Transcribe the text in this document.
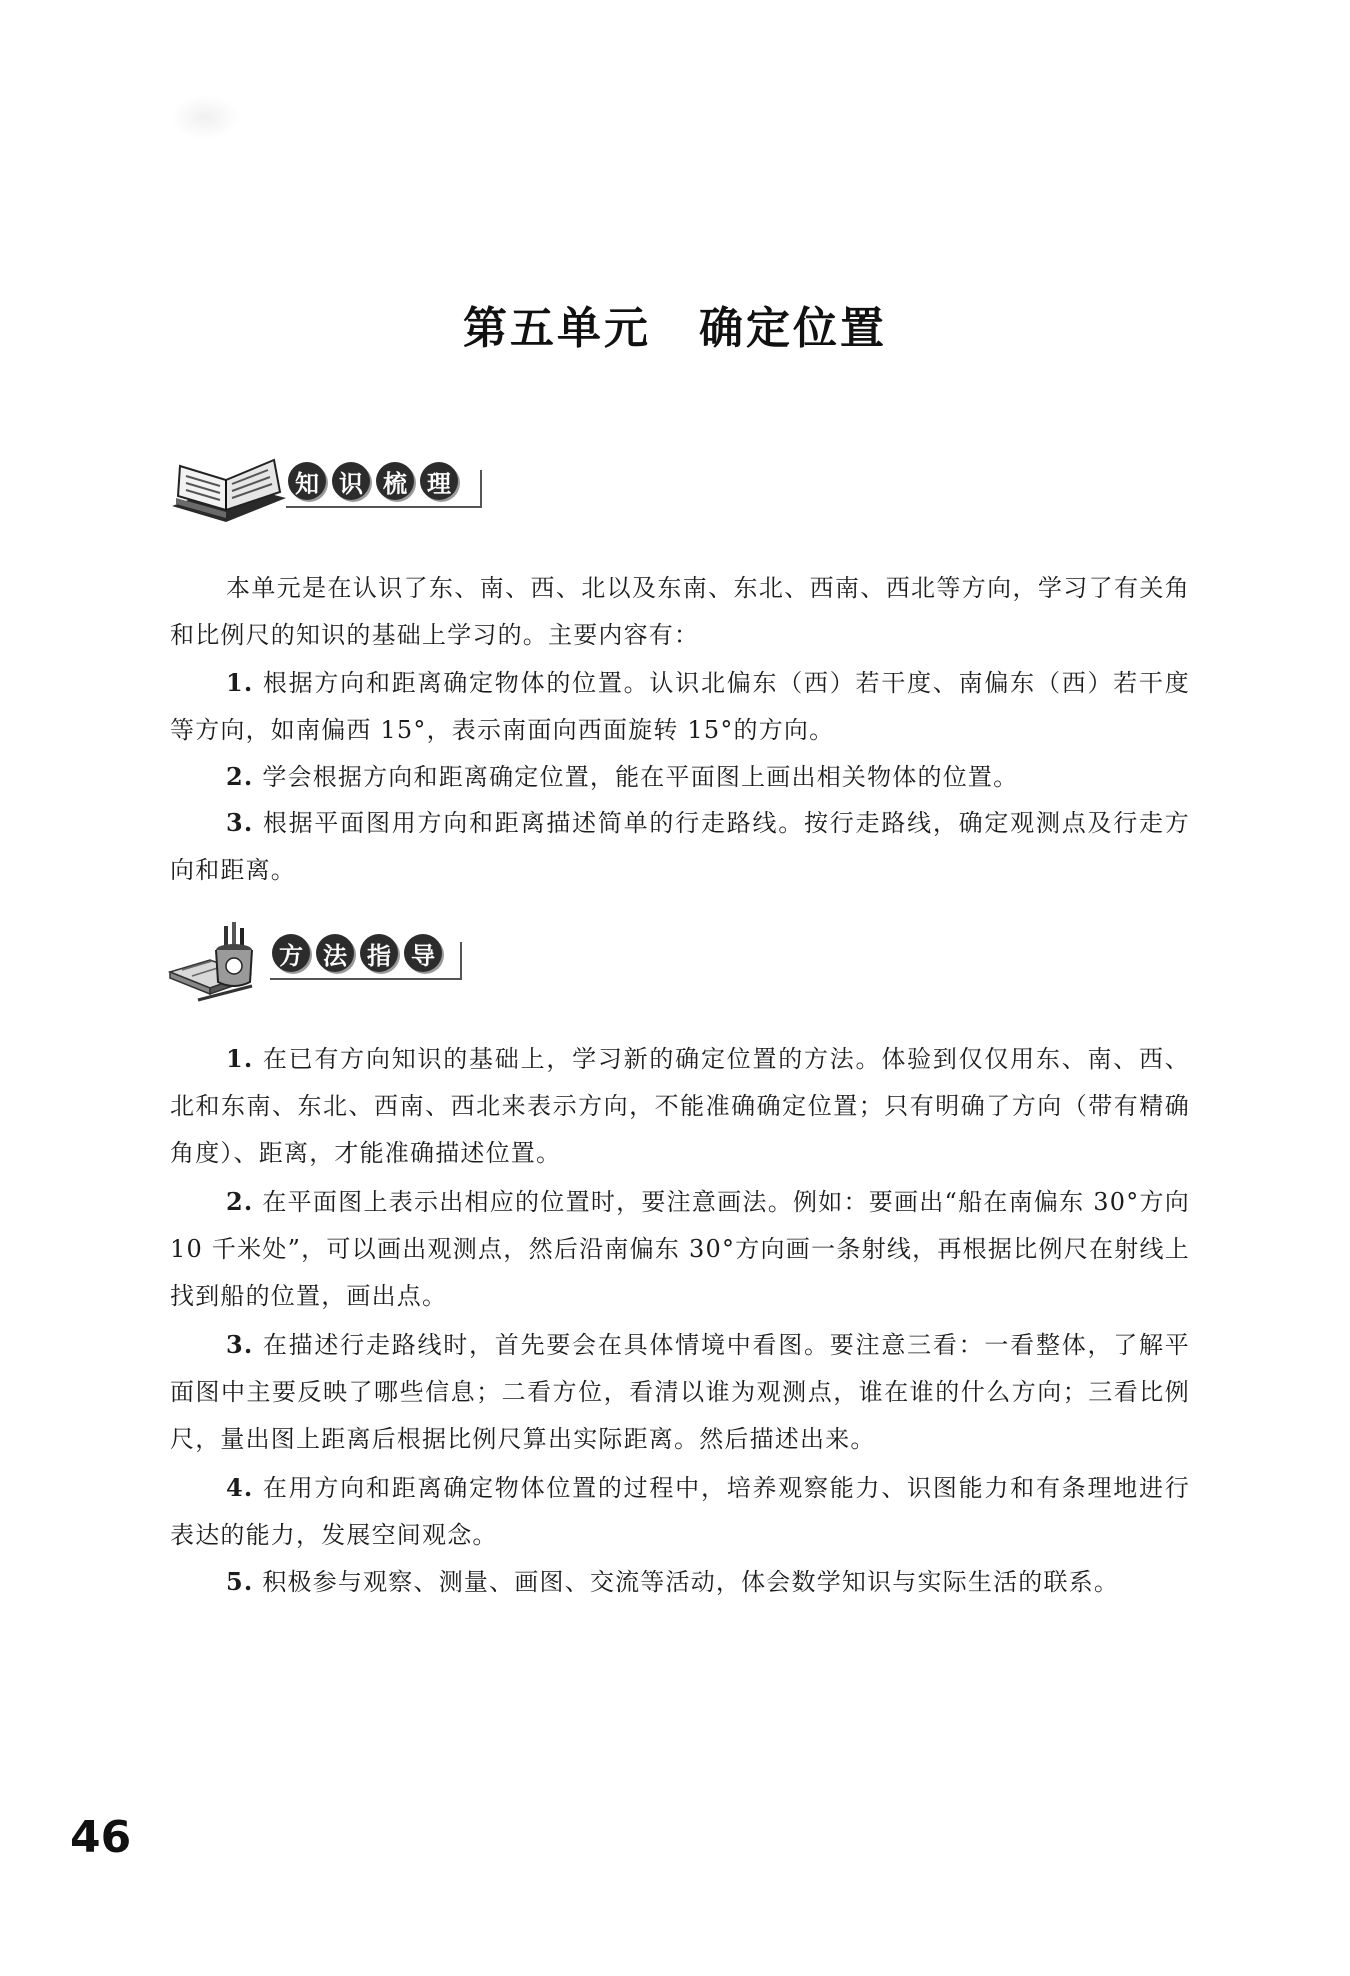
第五单元 确定位置
知 识 梳 理
本单元是在认识了东、南、西、北以及东南、东北、西南、西北等方向，学习了有关角和比例尺的知识的基础上学习的。主要内容有：
1. 根据方向和距离确定物体的位置。认识北偏东（西）若干度、南偏东（西）若干度等方向，如南偏西 15°，表示南面向西面旋转 15°的方向。
2. 学会根据方向和距离确定位置，能在平面图上画出相关物体的位置。
3. 根据平面图用方向和距离描述简单的行走路线。按行走路线，确定观测点及行走方向和距离。
方 法 指 导
1. 在已有方向知识的基础上，学习新的确定位置的方法。体验到仅仅用东、南、西、北和东南、东北、西南、西北来表示方向，不能准确确定位置；只有明确了方向（带有精确角度）、距离，才能准确描述位置。
2. 在平面图上表示出相应的位置时，要注意画法。例如：要画出“船在南偏东 30°方向 10 千米处”，可以画出观测点，然后沿南偏东 30°方向画一条射线，再根据比例尺在射线上找到船的位置，画出点。
3. 在描述行走路线时，首先要会在具体情境中看图。要注意三看：一看整体，了解平面图中主要反映了哪些信息；二看方位，看清以谁为观测点，谁在谁的什么方向；三看比例尺，量出图上距离后根据比例尺算出实际距离。然后描述出来。
4. 在用方向和距离确定物体位置的过程中，培养观察能力、识图能力和有条理地进行表达的能力，发展空间观念。
5. 积极参与观察、测量、画图、交流等活动，体会数学知识与实际生活的联系。
46
